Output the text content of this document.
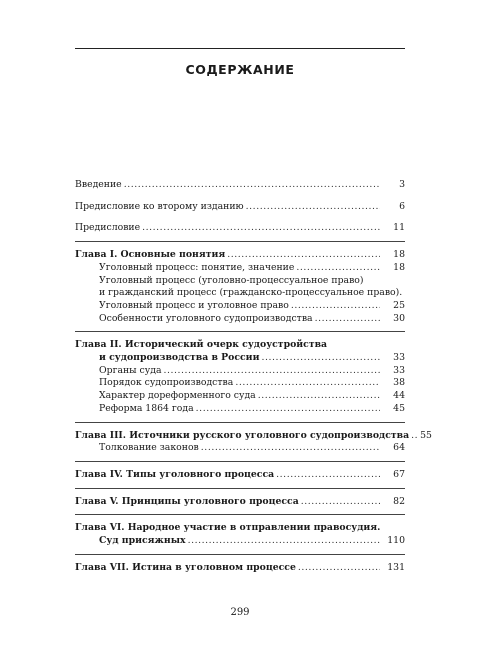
СОДЕРЖАНИЕ
Введение . . .	3
Предисловие ко второму изданию . . .	6
Предисловие . . .	11
Глава I. Основные понятия . . .	18
Уголовный процесс: понятие, значение . . .	18
Уголовный процесс (уголовно-процессуальное право)
и гражданский процесс (гражданско-процессуальное право).
Уголовный процесс и уголовное право . . .	25
Особенности уголовного судопроизводства . . .	30
Глава II. Исторический очерк судоустройства
и судопроизводства в России . . .	33
Органы суда . . .	33
Порядок судопроизводства . . .	38
Характер дореформенного суда . . .	44
Реформа 1864 года . . .	45
Глава III. Источники русского уголовного судопроизводства . . . 55
Толкование законов . . .	64
Глава IV. Типы уголовного процесса . . .	67
Глава V. Принципы уголовного процесса . . .	82
Глава VI. Народное участие в отправлении правосудия.
Суд присяжных . . .	110
Глава VII. Истина в уголовном процессе . . .	131
299
